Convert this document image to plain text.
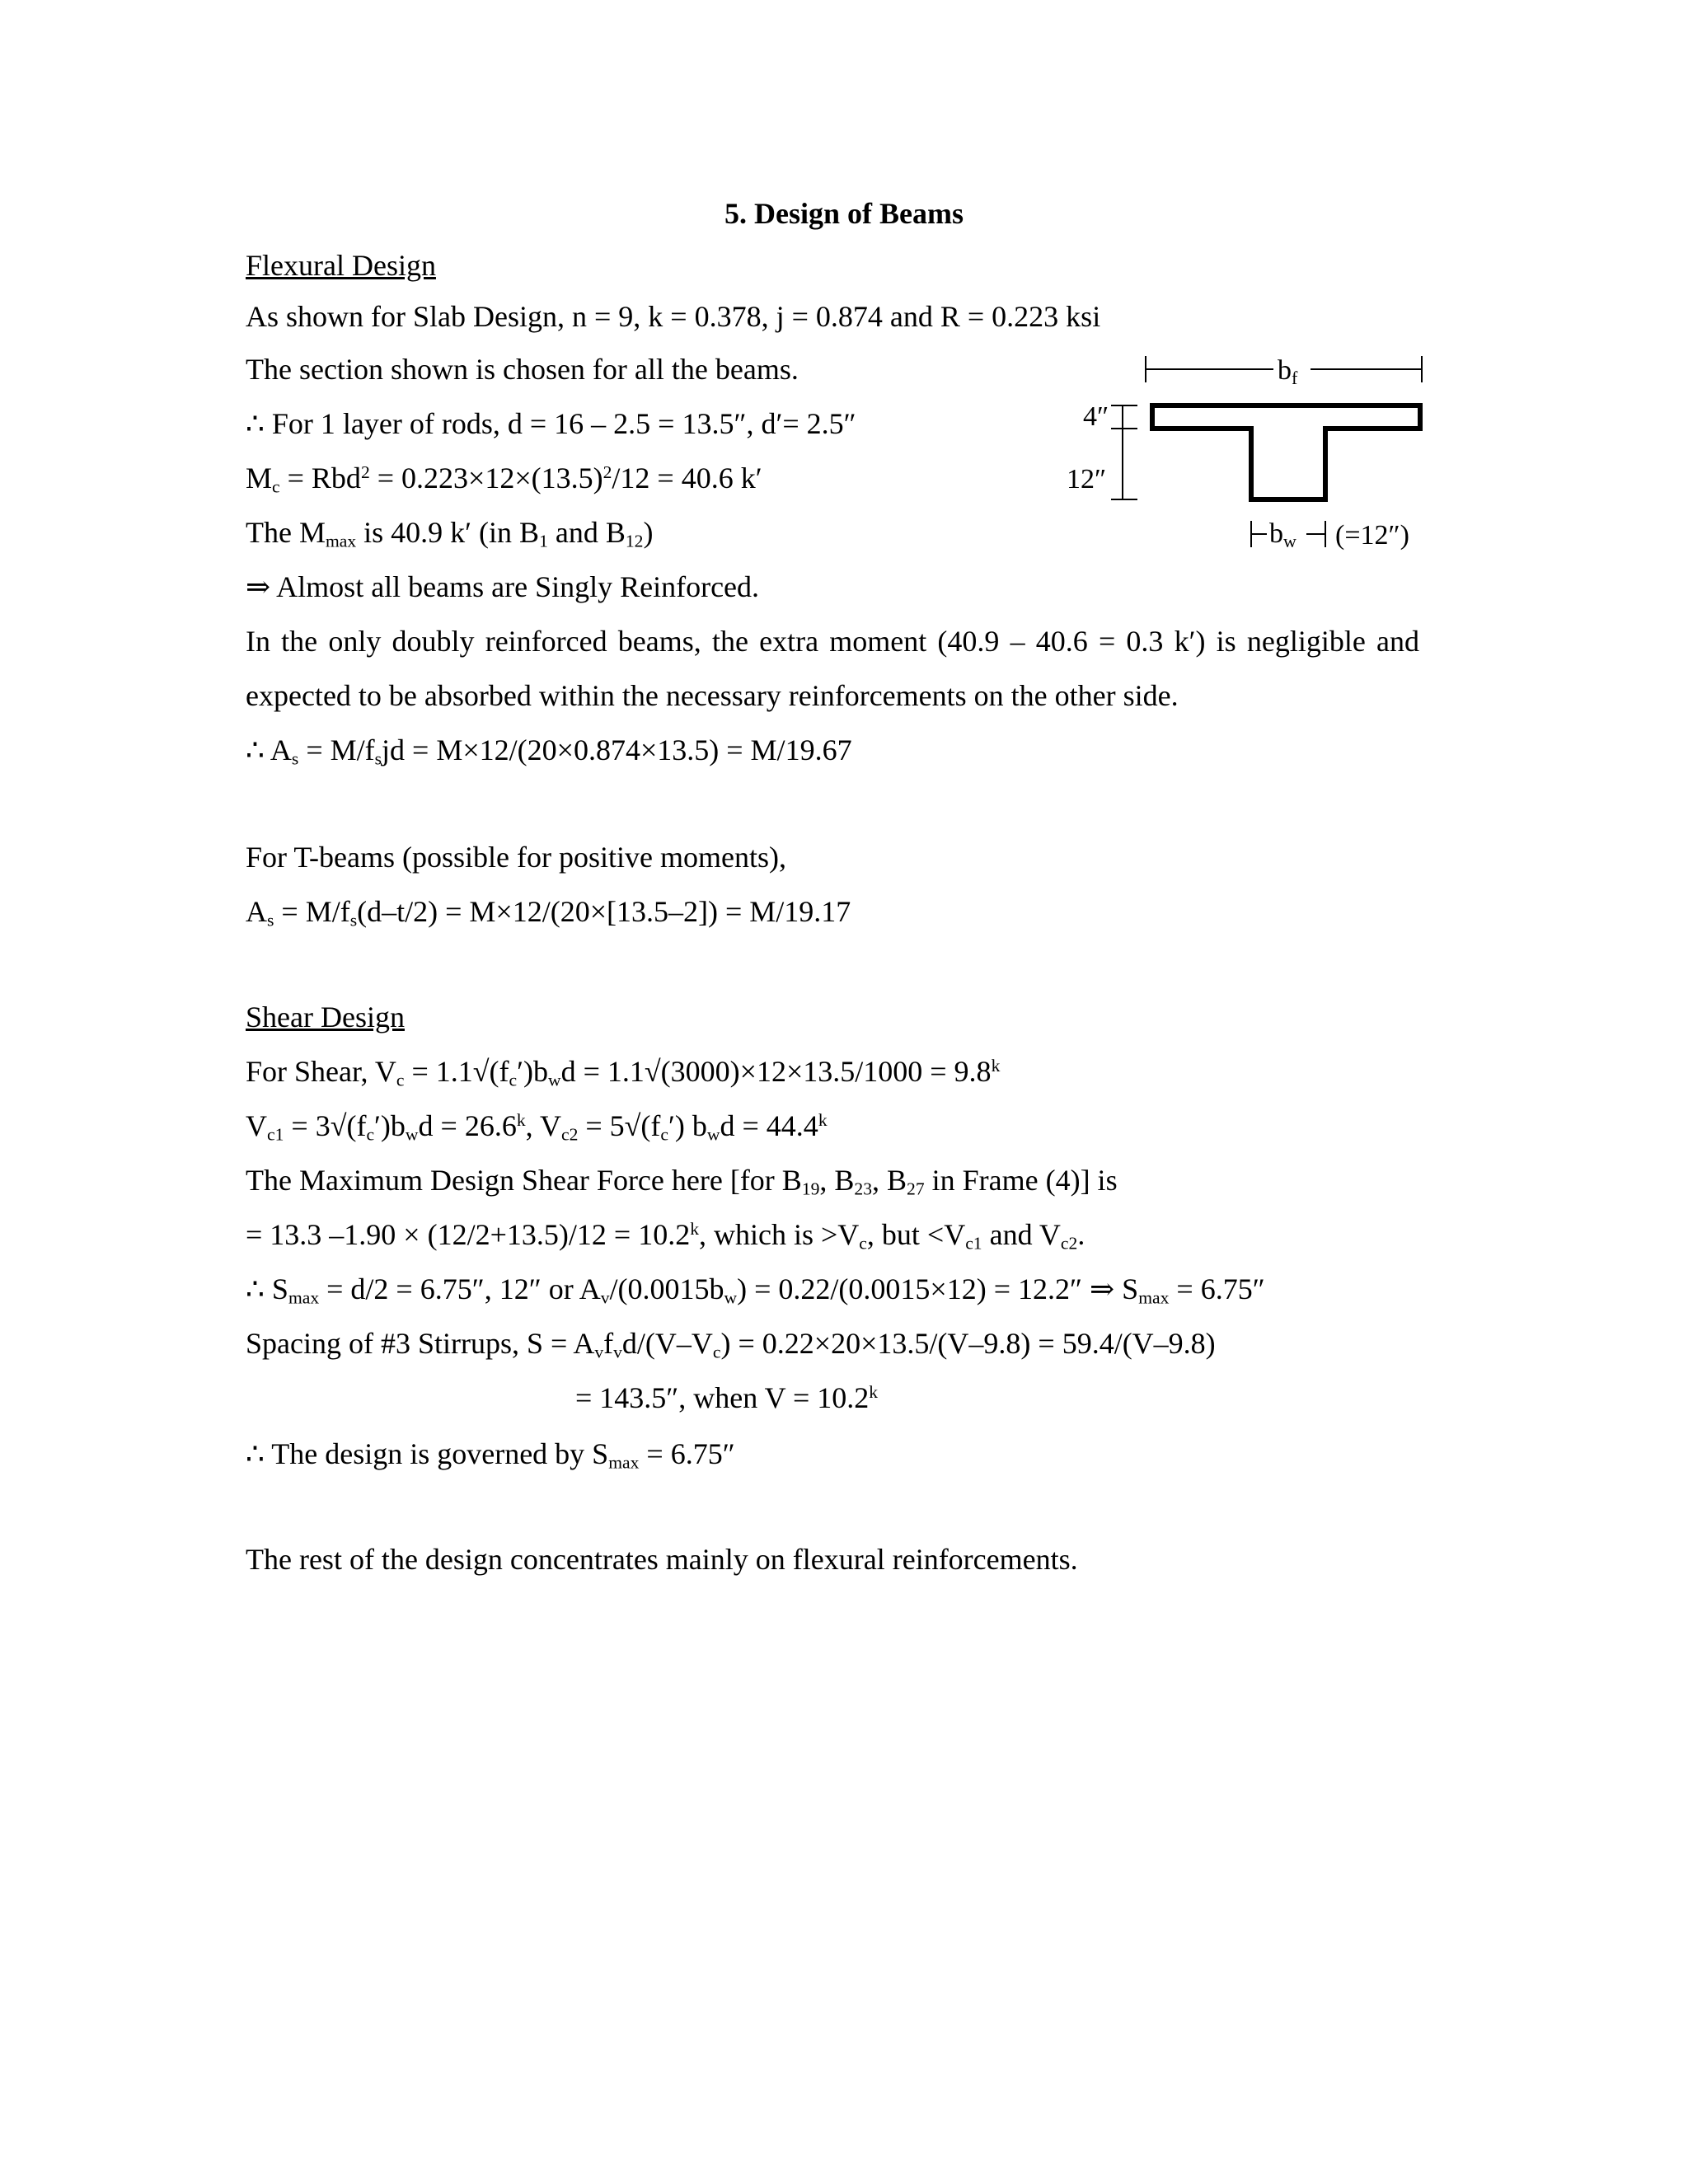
5. Design of Beams
Flexural Design
As shown for Slab Design, n = 9, k = 0.378, j = 0.874 and R = 0.223 ksi
The section shown is chosen for all the beams.
∴ For 1 layer of rods, d = 16 – 2.5 = 13.5″, d′= 2.5″
$M_c = Rbd^2 = 0.223\times 12\times(13.5)^2/12 = 40.6$ k′
The $M_{max}$ is 40.9 k′ (in $B_1$ and $B_{12}$)
⇒ Almost all beams are Singly Reinforced.
In the only doubly reinforced beams, the extra moment (40.9 – 40.6 = 0.3 k′) is negligible and
expected to be absorbed within the necessary reinforcements on the other side.
∴ $A_s = M/f_sjd = M\times 12/(20\times 0.874\times 13.5) = M/19.67$
For T-beams (possible for positive moments),
$A_s = M/f_s(d-t/2) = M\times 12/(20\times[13.5-2]) = M/19.17$
Shear Design
For Shear, $V_c = 1.1√(f_c')b_wd = 1.1√(3000)\times 12\times 13.5/1000 = 9.8^k$
$V_{c1} = 3√(f_c')b_wd = 26.6^k$, $V_{c2} = 5√(f_c') b_wd = 44.4^k$
The Maximum Design Shear Force here [for $B_{19}$, $B_{23}$, $B_{27}$ in Frame (4)] is
= 13.3 $-1.90 \times (12/2+13.5)/12 = 10.2^k$, which is $>V_c$, but $<V_{c1}$ and $V_{c2}$.
∴ $S_{max} = d/2 = 6.75''$, 12″ or $A_v/(0.0015b_w) = 0.22/(0.0015\times 12) = 12.2''$ ⇒ $S_{max} = 6.75''$
Spacing of #3 Stirrups, $S = A_vf_vd/(V-V_c) = 0.22\times 20\times 13.5/(V-9.8) = 59.4/(V-9.8)$
= 143.5″, when $V = 10.2^k$
∴ The design is governed by $S_{max} = 6.75''$
The rest of the design concentrates mainly on flexural reinforcements.
bf
4″
12″
bw (=12″)
